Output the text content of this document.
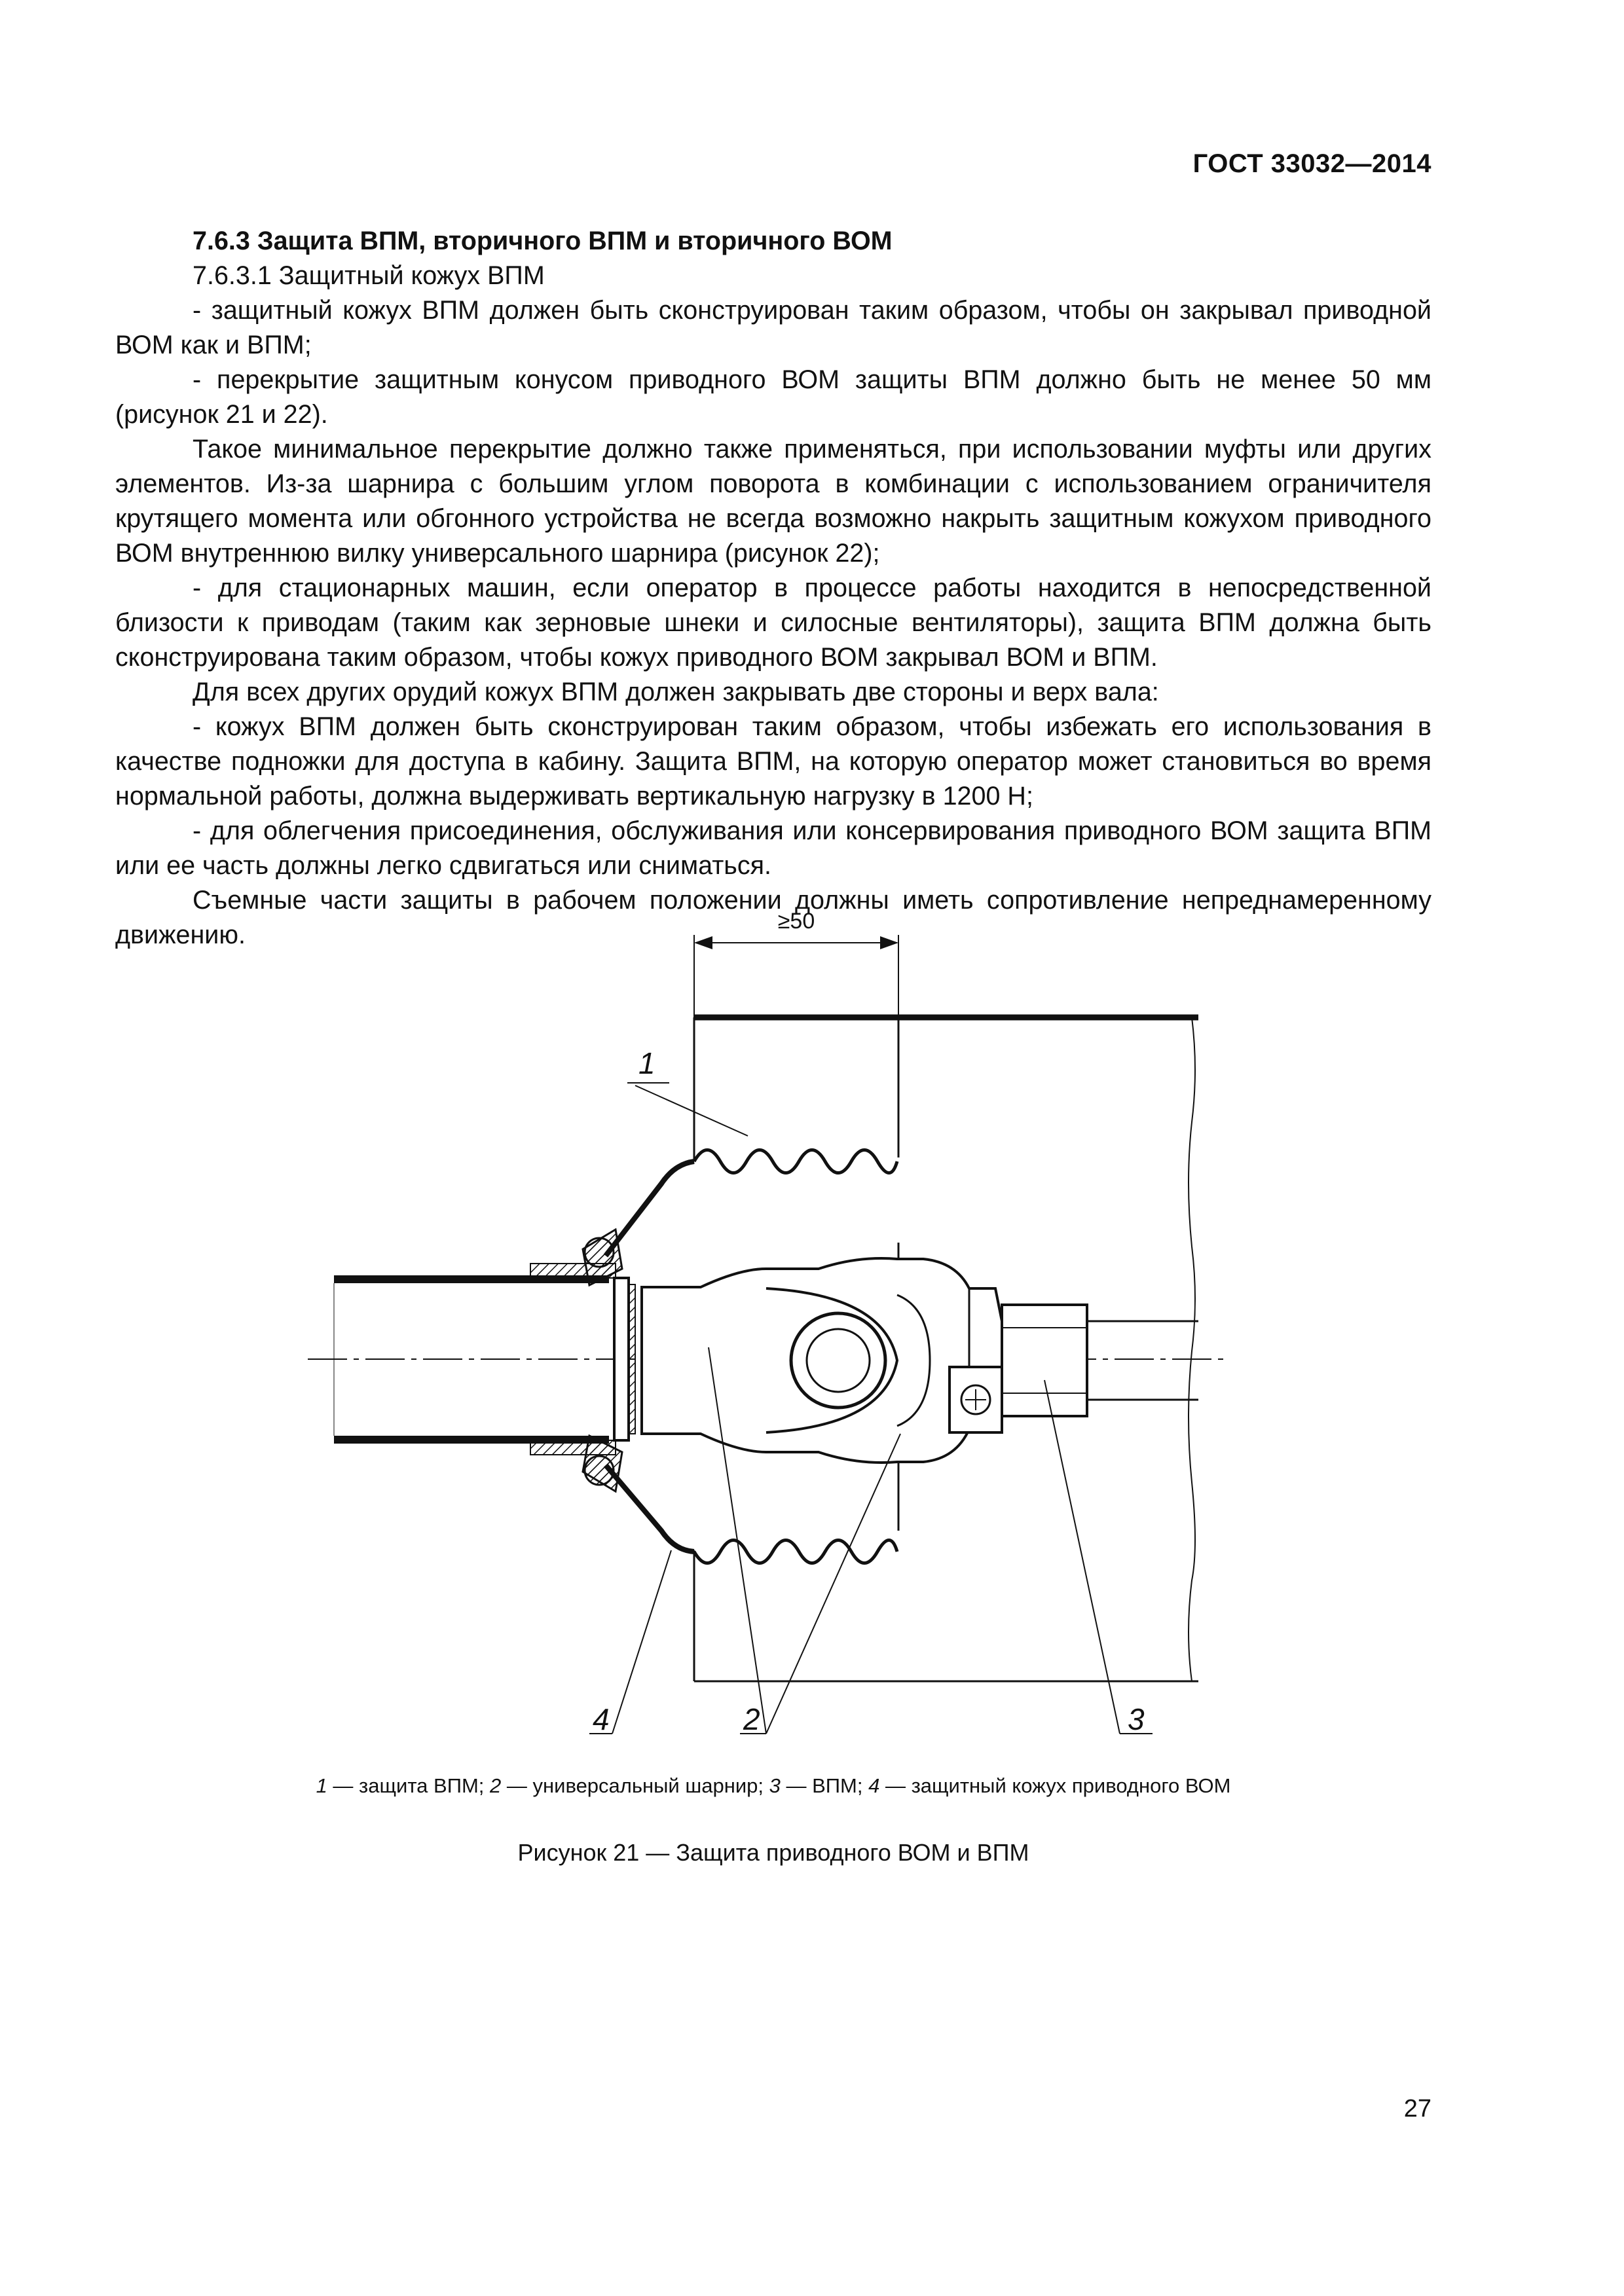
ГОСТ 33032—2014

7.6.3 Защита ВПМ, вторичного ВПМ и вторичного ВОМ

7.6.3.1 Защитный кожух ВПМ

- защитный кожух ВПМ должен быть сконструирован таким образом, чтобы он закрывал приводной ВОМ как и ВПМ;

- перекрытие защитным конусом приводного ВОМ защиты ВПМ должно быть не менее 50 мм (рисунок 21 и 22).

Такое минимальное перекрытие должно также применяться, при использовании муфты или других элементов. Из-за шарнира с большим углом поворота в комбинации с использованием ограничителя крутящего момента или обгонного устройства не всегда возможно накрыть защитным кожухом приводного ВОМ внутреннюю вилку универсального шарнира (рисунок 22);

- для стационарных машин, если оператор в процессе работы находится в непосредственной близости к приводам (таким как зерновые шнеки и силосные вентиляторы), защита ВПМ должна быть сконструирована таким образом, чтобы кожух приводного ВОМ закрывал ВОМ и ВПМ.

Для всех других орудий кожух ВПМ должен закрывать две стороны и верх вала:

- кожух ВПМ должен быть сконструирован таким образом, чтобы избежать его использования в качестве подножки для доступа в кабину. Защита ВПМ, на которую оператор может становиться во время нормальной работы, должна выдерживать вертикальную нагрузку в 1200 Н;

- для облегчения присоединения, обслуживания или консервирования приводного ВОМ защита ВПМ или ее часть должны легко сдвигаться или сниматься.

Съемные части защиты в рабочем положении должны иметь сопротивление непреднамеренному движению.	≥50
1
4	2	3
1 — защита ВПМ; 2 — универсальный шарнир; 3 — ВПМ; 4 — защитный кожух приводного ВОМ
Рисунок 21 — Защита приводного ВОМ и ВПМ
27
